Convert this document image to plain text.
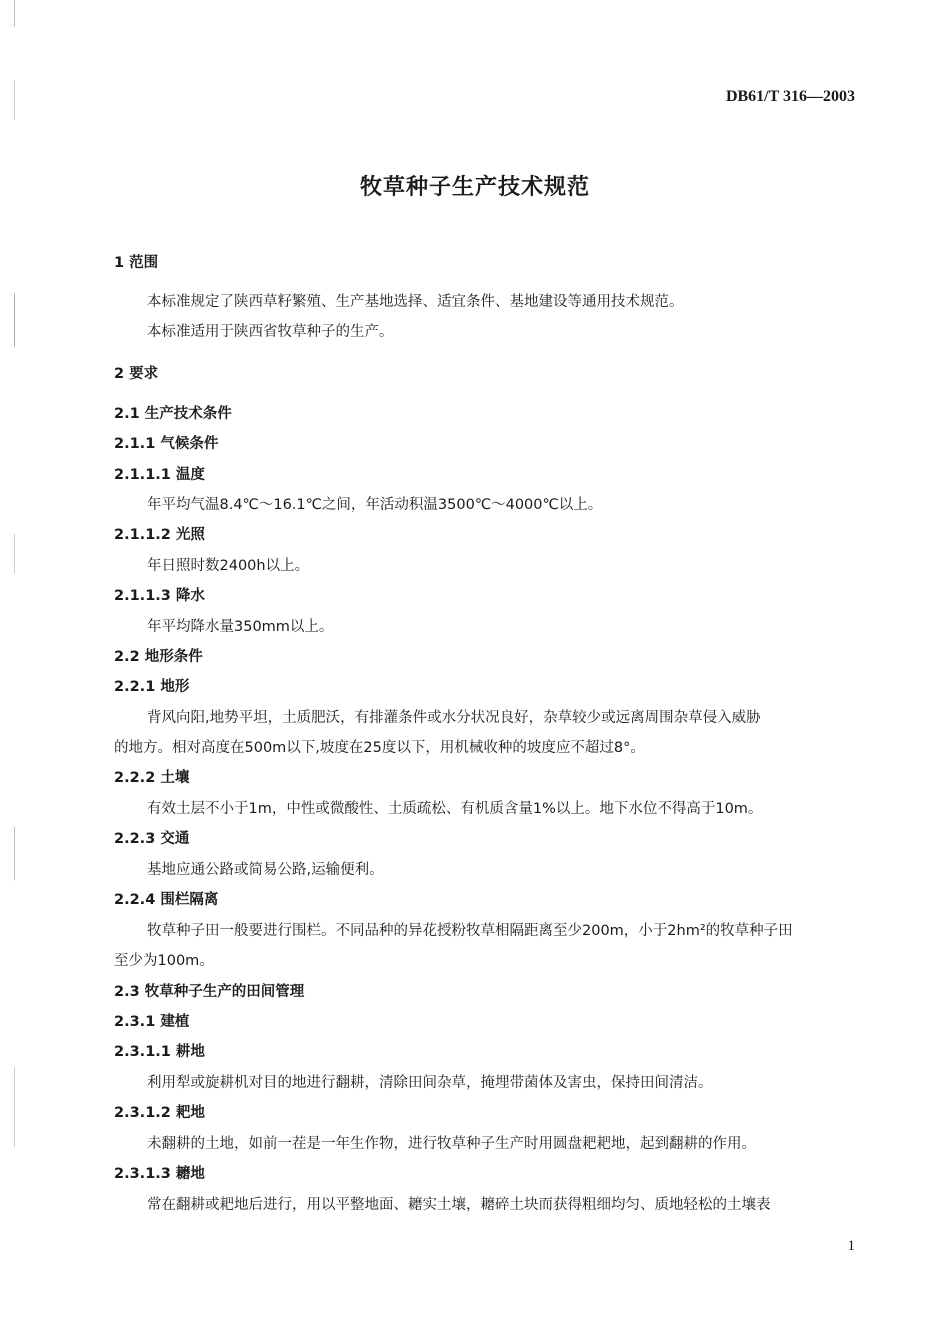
DB61/T 316—2003
牧草种子生产技术规范
1 范围
本标准规定了陕西草籽繁殖、生产基地选择、适宜条件、基地建设等通用技术规范。
本标准适用于陕西省牧草种子的生产。
2 要求
2.1 生产技术条件
2.1.1 气候条件
2.1.1.1 温度
年平均气温8.4℃～16.1℃之间，年活动积温3500℃～4000℃以上。
2.1.1.2 光照
年日照时数2400h以上。
2.1.1.3 降水
年平均降水量350mm以上。
2.2 地形条件
2.2.1 地形
背风向阳,地势平坦，土质肥沃，有排灌条件或水分状况良好，杂草较少或远离周围杂草侵入威胁
的地方。相对高度在500m以下,坡度在25度以下，用机械收种的坡度应不超过8°。
2.2.2 土壤
有效土层不小于1m，中性或微酸性、土质疏松、有机质含量1%以上。地下水位不得高于10m。
2.2.3 交通
基地应通公路或简易公路,运输便利。
2.2.4 围栏隔离
牧草种子田一般要进行围栏。不同品种的异花授粉牧草相隔距离至少200m，小于2hm²的牧草种子田
至少为100m。
2.3 牧草种子生产的田间管理
2.3.1 建植
2.3.1.1 耕地
利用犁或旋耕机对目的地进行翻耕，清除田间杂草，掩埋带菌体及害虫，保持田间清洁。
2.3.1.2 耙地
未翻耕的土地，如前一茬是一年生作物，进行牧草种子生产时用圆盘耙耙地，起到翻耕的作用。
2.3.1.3 耱地
常在翻耕或耙地后进行，用以平整地面、耱实土壤，耱碎土块而获得粗细均匀、质地轻松的土壤表
1
